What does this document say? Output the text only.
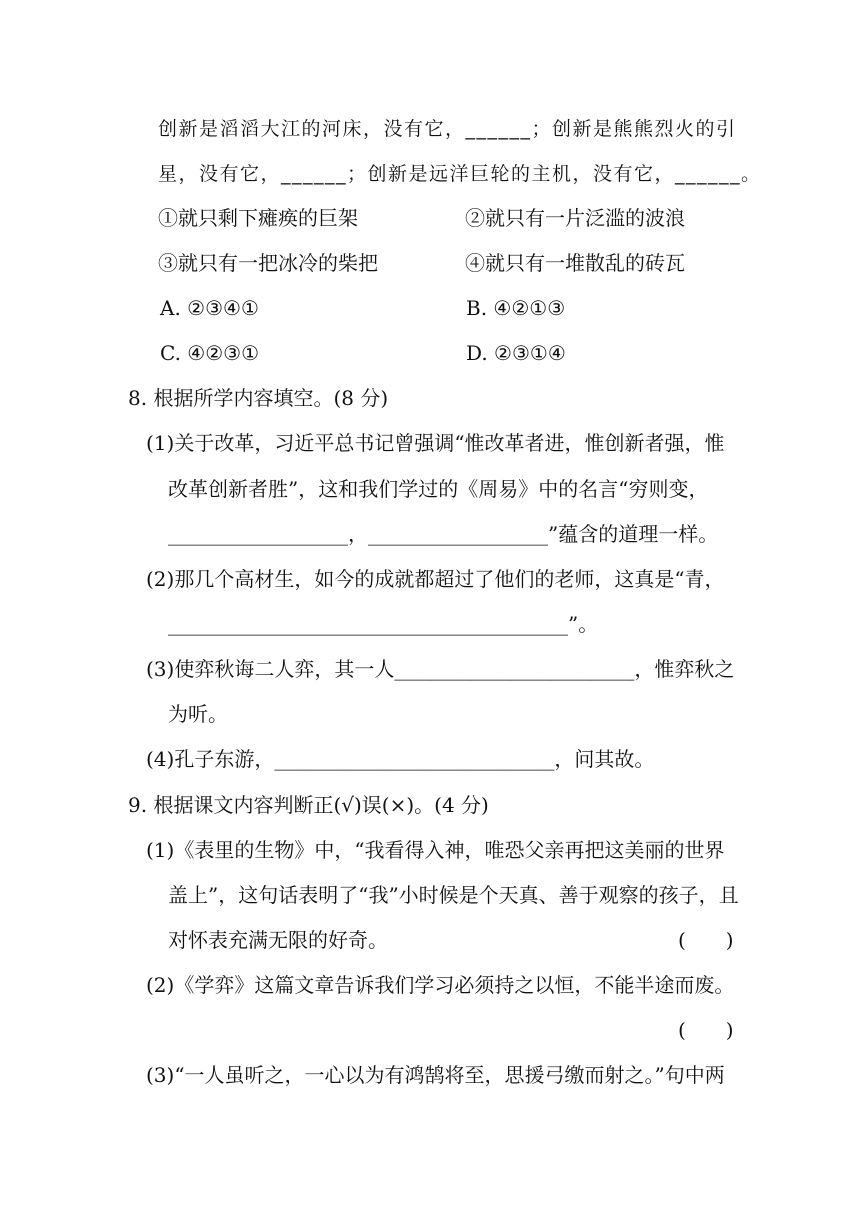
创新是滔滔大江的河床，没有它，______；创新是熊熊烈火的引
星，没有它，______；创新是远洋巨轮的主机，没有它，______。
①就只剩下瘫痪的巨架	②就只有一片泛滥的波浪
③就只有一把冰冷的柴把	④就只有一堆散乱的砖瓦
A. ②③④①	B. ④②①③
C. ④②③①	D. ②③①④
8. 根据所学内容填空。(8 分)
(1)关于改革，习近平总书记曾强调“惟改革者进，惟创新者强，惟
改革创新者胜”，这和我们学过的《周易》中的名言“穷则变，
__________________，__________________”蕴含的道理一样。
(2)那几个高材生，如今的成就都超过了他们的老师，这真是“青，
________________________________________”。
(3)使弈秋诲二人弈，其一人________________________，惟弈秋之
为听。
(4)孔子东游，____________________________，问其故。
9. 根据课文内容判断正(√)误(×)。(4 分)
(1)《表里的生物》中，“我看得入神，唯恐父亲再把这美丽的世界
盖上”，这句话表明了“我”小时候是个天真、善于观察的孩子，且
对怀表充满无限的好奇。	(　　)
(2)《学弈》这篇文章告诉我们学习必须持之以恒，不能半途而废。
(　　)
(3)“一人虽听之，一心以为有鸿鹄将至，思援弓缴而射之。”句中两
